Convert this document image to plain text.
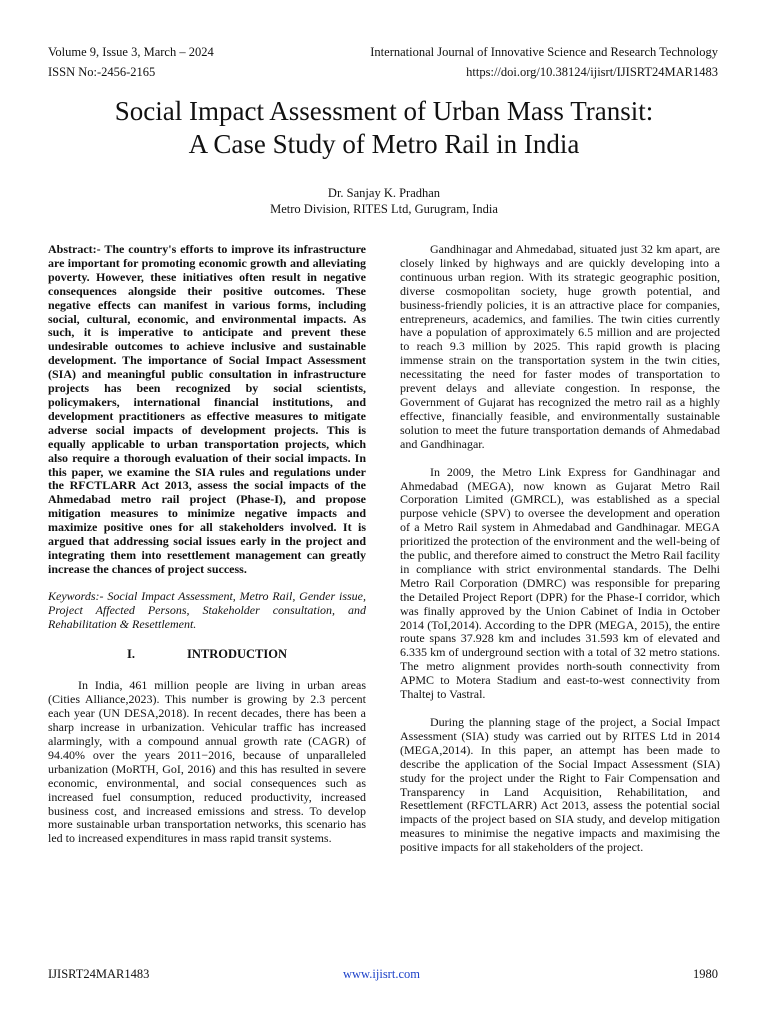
Volume 9, Issue 3, March – 2024	International Journal of Innovative Science and Research Technology
ISSN No:-2456-2165	https://doi.org/10.38124/ijisrt/IJISRT24MAR1483
Social Impact Assessment of Urban Mass Transit:
A Case Study of Metro Rail in India
Dr. Sanjay K. Pradhan
Metro Division, RITES Ltd, Gurugram, India

Abstract:- The country's efforts to improve its infrastructure are important for promoting economic growth and alleviating poverty. However, these initiatives often result in negative consequences alongside their positive outcomes. These negative effects can manifest in various forms, including social, cultural, economic, and environmental impacts. As such, it is imperative to anticipate and prevent these undesirable outcomes to achieve inclusive and sustainable development. The importance of Social Impact Assessment (SIA) and meaningful public consultation in infrastructure projects has been recognized by social scientists, policymakers, international financial institutions, and development practitioners as effective measures to mitigate adverse social impacts of development projects. This is equally applicable to urban transportation projects, which also require a thorough evaluation of their social impacts. In this paper, we examine the SIA rules and regulations under the RFCTLARR Act 2013, assess the social impacts of the Ahmedabad metro rail project (Phase-I), and propose mitigation measures to minimize negative impacts and maximize positive ones for all stakeholders involved. It is argued that addressing social issues early in the project and integrating them into resettlement management can greatly increase the chances of project success.

Keywords:- Social Impact Assessment, Metro Rail, Gender issue, Project Affected Persons, Stakeholder consultation, and Rehabilitation & Resettlement.

I.	INTRODUCTION

In India, 461 million people are living in urban areas (Cities Alliance,2023). This number is growing by 2.3 percent each year (UN DESA,2018). In recent decades, there has been a sharp increase in urbanization. Vehicular traffic has increased alarmingly, with a compound annual growth rate (CAGR) of 94.40% over the years 2011−2016, because of unparalleled urbanization (MoRTH, GoI, 2016) and this has resulted in severe economic, environmental, and social consequences such as increased fuel consumption, reduced productivity, increased business cost, and increased emissions and stress. To develop more sustainable urban transportation networks, this scenario has led to increased expenditures in mass rapid transit systems.

Gandhinagar and Ahmedabad, situated just 32 km apart, are closely linked by highways and are quickly developing into a continuous urban region. With its strategic geographic position, diverse cosmopolitan society, huge growth potential, and business-friendly policies, it is an attractive place for companies, entrepreneurs, academics, and families. The twin cities currently have a population of approximately 6.5 million and are projected to reach 9.3 million by 2025. This rapid growth is placing immense strain on the transportation system in the twin cities, necessitating the need for faster modes of transportation to prevent delays and alleviate congestion. In response, the Government of Gujarat has recognized the metro rail as a highly effective, financially feasible, and environmentally sustainable solution to meet the future transportation demands of Ahmedabad and Gandhinagar.

In 2009, the Metro Link Express for Gandhinagar and Ahmedabad (MEGA), now known as Gujarat Metro Rail Corporation Limited (GMRCL), was established as a special purpose vehicle (SPV) to oversee the development and operation of a Metro Rail system in Ahmedabad and Gandhinagar. MEGA prioritized the protection of the environment and the well-being of the public, and therefore aimed to construct the Metro Rail facility in compliance with strict environmental standards. The Delhi Metro Rail Corporation (DMRC) was responsible for preparing the Detailed Project Report (DPR) for the Phase-I corridor, which was finally approved by the Union Cabinet of India in October 2014 (ToI,2014). According to the DPR (MEGA, 2015), the entire route spans 37.928 km and includes 31.593 km of elevated and 6.335 km of underground section with a total of 32 metro stations. The metro alignment provides north-south connectivity from APMC to Motera Stadium and east-to-west connectivity from Thaltej to Vastral.

During the planning stage of the project, a Social Impact Assessment (SIA) study was carried out by RITES Ltd in 2014 (MEGA,2014). In this paper, an attempt has been made to describe the application of the Social Impact Assessment (SIA) study for the project under the Right to Fair Compensation and Transparency in Land Acquisition, Rehabilitation, and Resettlement (RFCTLARR) Act 2013, assess the potential social impacts of the project based on SIA study, and develop mitigation measures to minimise the negative impacts and maximising the positive impacts for all stakeholders of the project.

IJISRT24MAR1483	www.ijisrt.com	1980
